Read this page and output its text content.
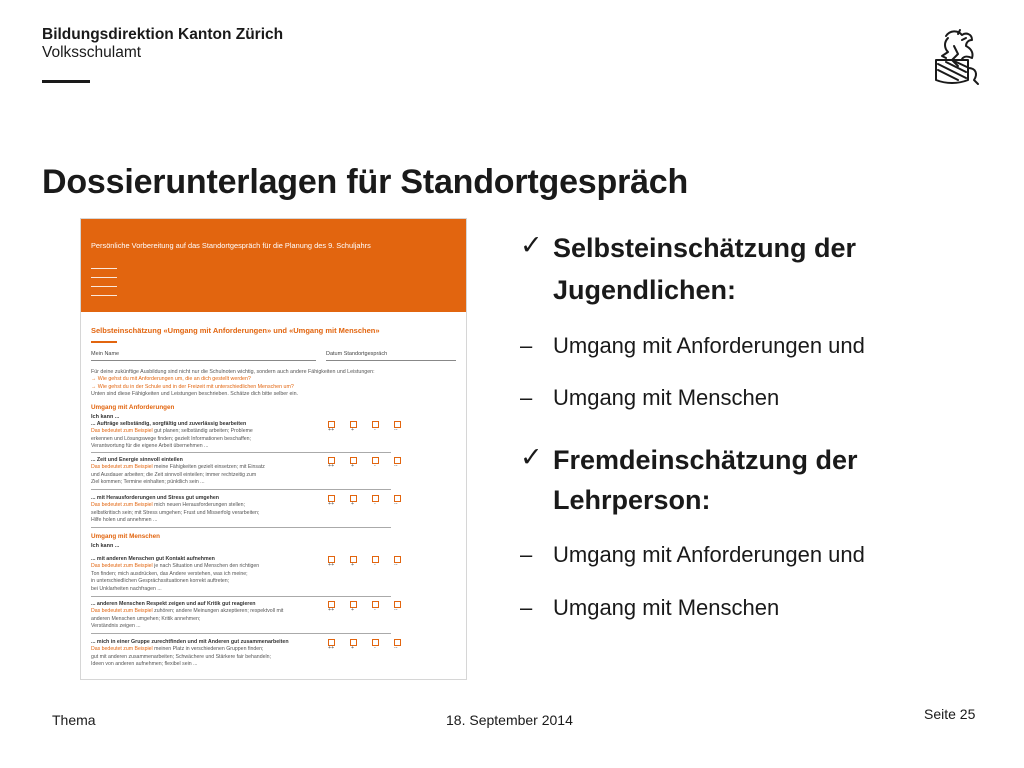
Bildungsdirektion Kanton Zürich
Volksschulamt
Dossierunterlagen für Standortgespräch
Persönliche Vorbereitung auf das Standortgespräch für die Planung des 9. Schuljahrs
Selbsteinschätzung «Umgang mit Anforderungen» und «Umgang mit Menschen»
Mein Name	Datum Standortgespräch
Für deine zukünftige Ausbildung sind nicht nur die Schulnoten wichtig, sondern auch andere Fähigkeiten und Leistungen:
→ Wie gehst du mit Anforderungen um, die an dich gestellt werden?
→ Wie gehst du in der Schule und in der Freizeit mit unterschiedlichen Menschen um?
Unten sind diese Fähigkeiten und Leistungen beschrieben. Schätze dich bitte selber ein.
Umgang mit Anforderungen
Ich kann ...
... Aufträge selbständig, sorgfältig und zuverlässig bearbeiten
Das bedeutet zum Beispiel gut planen; selbständig arbeiten; Probleme
erkennen und Lösungswege finden; gezielt Informationen beschaffen;
Verantwortung für die eigene Arbeit übernehmen ...
++	+	-	--
... Zeit und Energie sinnvoll einteilen
Das bedeutet zum Beispiel meine Fähigkeiten gezielt einsetzen; mit Einsatz
und Ausdauer arbeiten; die Zeit sinnvoll einteilen; immer rechtzeitig zum
Ziel kommen; Termine einhalten; pünktlich sein ...
++	+	-	--
... mit Herausforderungen und Stress gut umgehen
Das bedeutet zum Beispiel mich neuen Herausforderungen stellen;
selbstkritisch sein; mit Stress umgehen; Frust und Misserfolg verarbeiten;
Hilfe holen und annehmen ...
++	+	-	--
Umgang mit Menschen
Ich kann ...
... mit anderen Menschen gut Kontakt aufnehmen
Das bedeutet zum Beispiel je nach Situation und Menschen den richtigen
Ton finden; mich ausdrücken, das Andere verstehen, was ich meine;
in unterschiedlichen Gesprächssituationen korrekt auftreten;
bei Unklarheiten nachfragen ...
++	+	-	--
... anderen Menschen Respekt zeigen und auf Kritik gut reagieren
Das bedeutet zum Beispiel zuhören; andere Meinungen akzeptieren; respektvoll mit
anderen Menschen umgehen; Kritik annehmen;
Verständnis zeigen ...
++	+	-	--
... mich in einer Gruppe zurechtfinden und mit Anderen gut zusammenarbeiten
Das bedeutet zum Beispiel meinen Platz in verschiedenen Gruppen finden;
gut mit anderen zusammenarbeiten; Schwächere und Stärkere fair behandeln;
Ideen von anderen aufnehmen; flexibel sein ...
++	+	-	--
✓ Selbsteinschätzung der
Jugendlichen:
– Umgang mit Anforderungen und
– Umgang mit Menschen
✓ Fremdeinschätzung der
Lehrperson:
– Umgang mit Anforderungen und
– Umgang mit Menschen
Thema	18. September 2014	Seite 25
